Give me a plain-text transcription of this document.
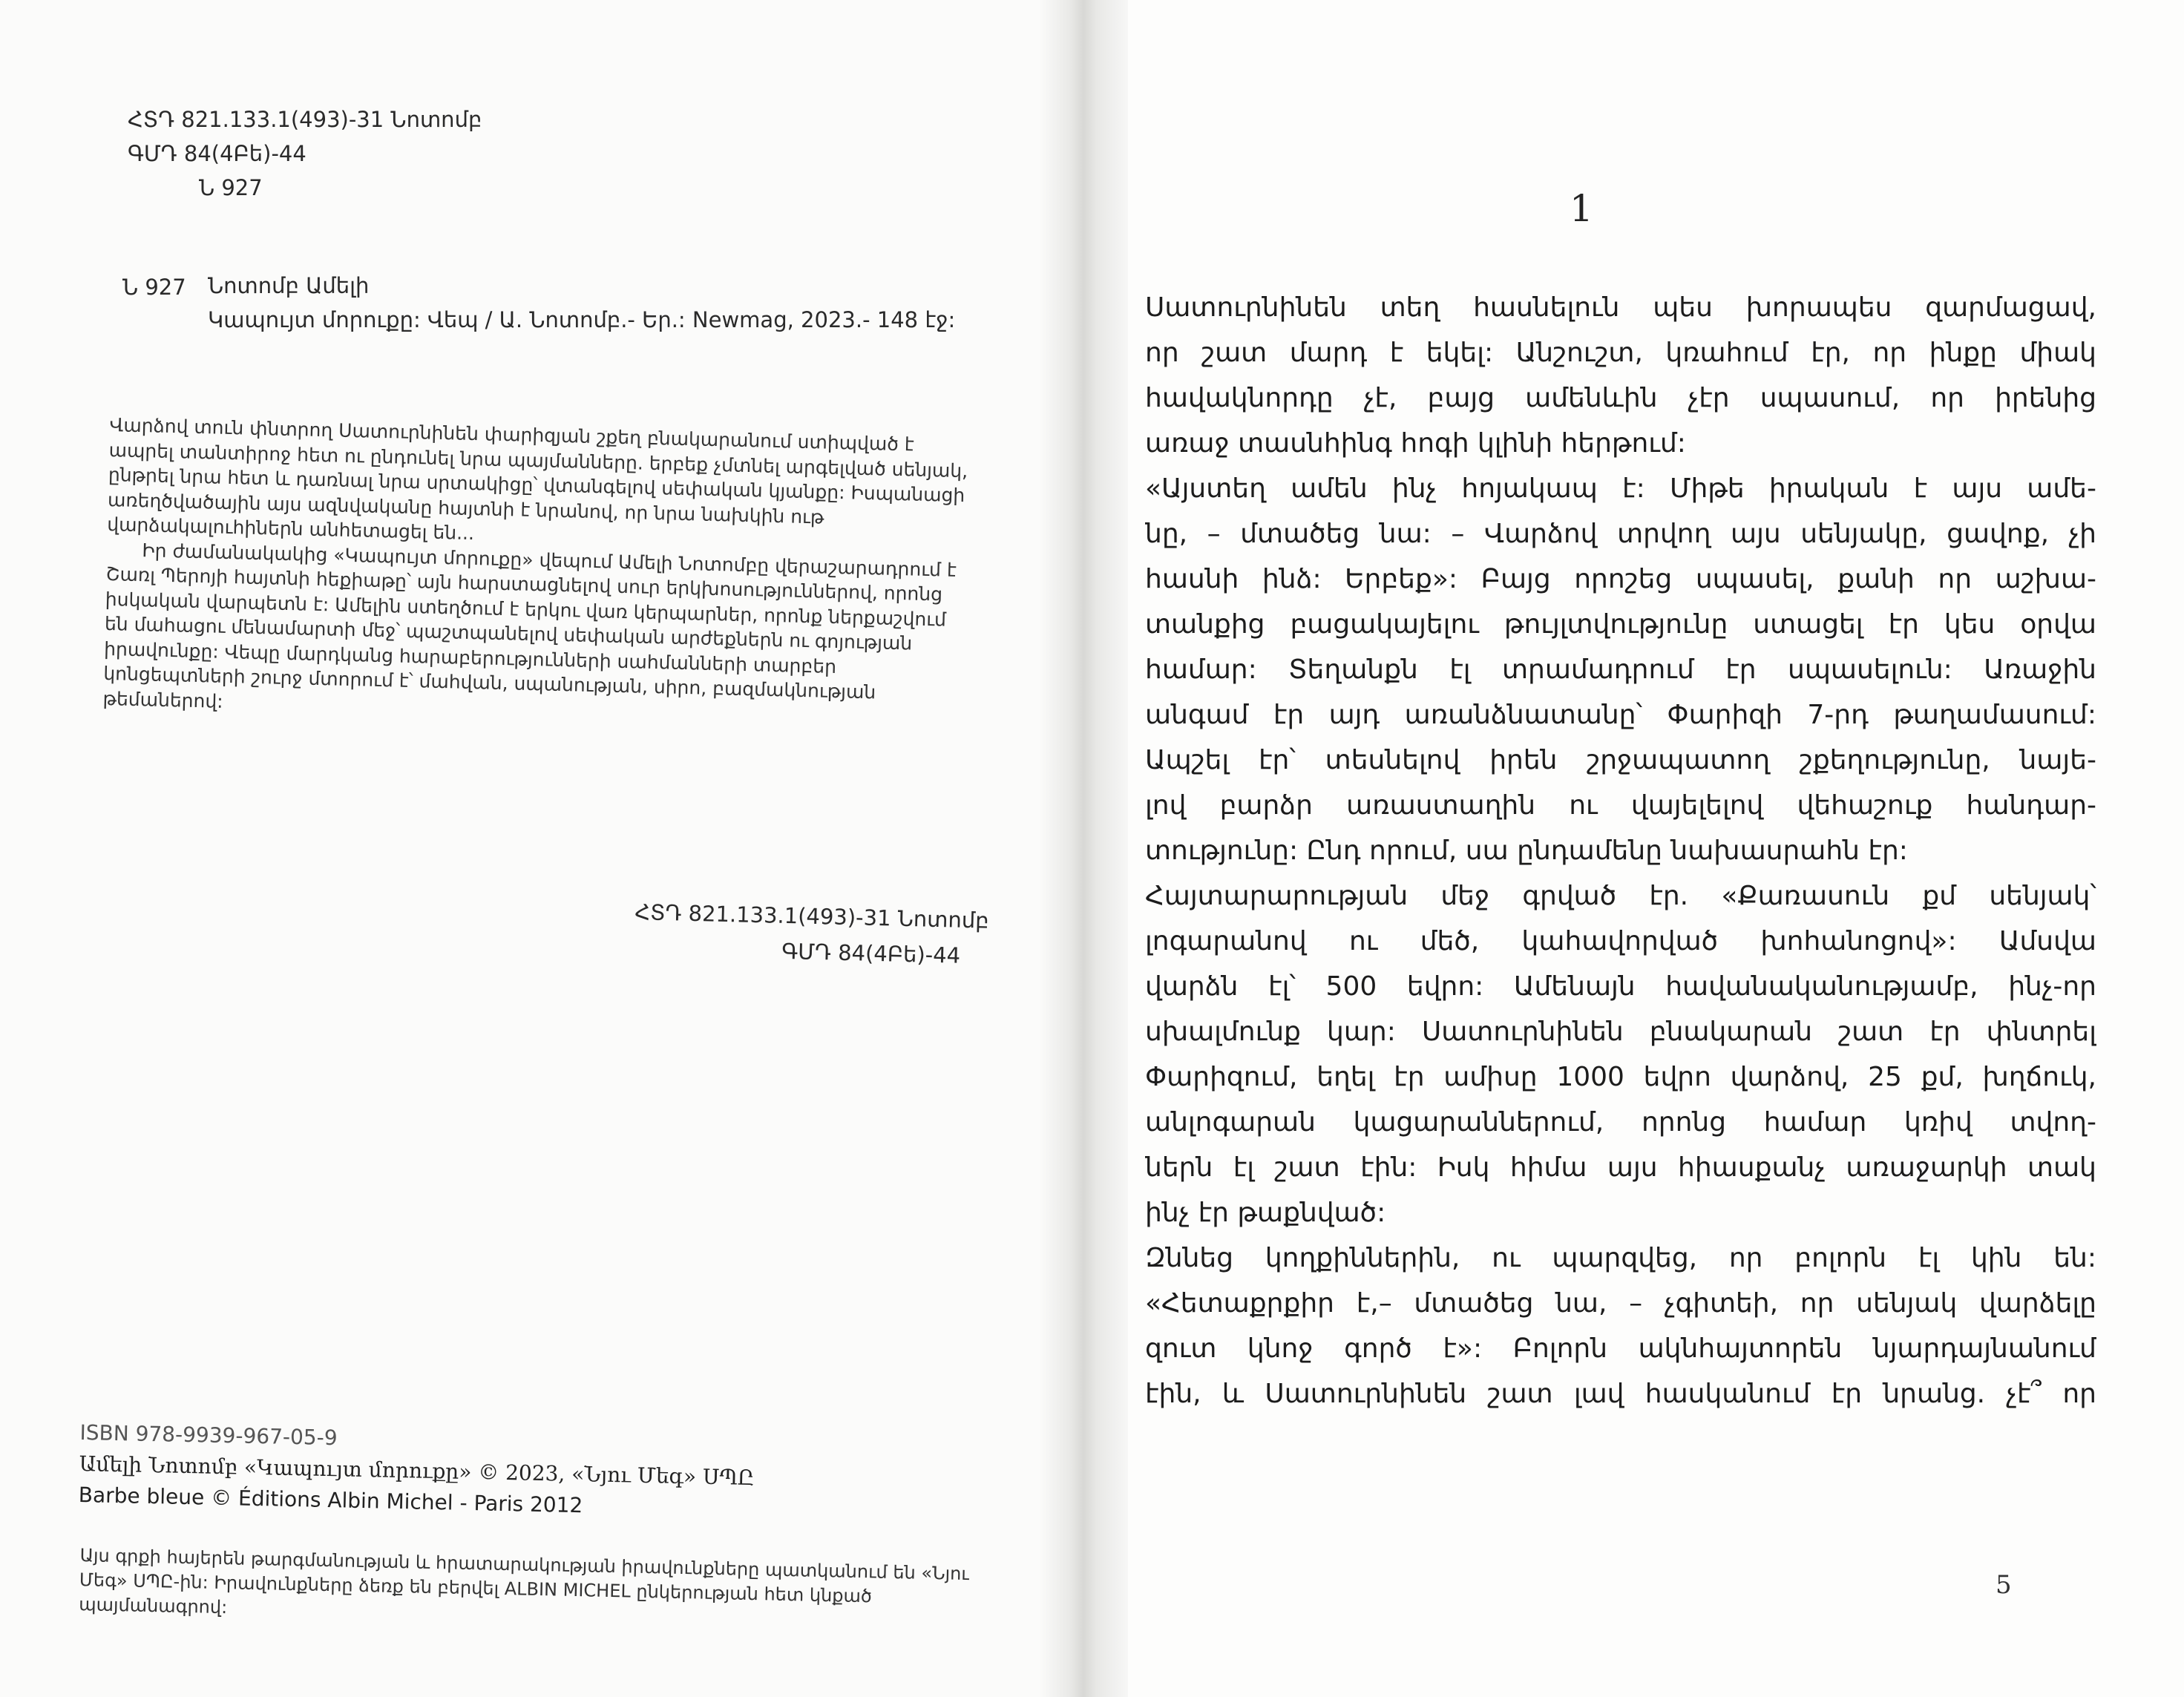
ՀՏԴ 821.133.1(493)-31 Նոտոմբ
ԳՄԴ 84(4Բե)-44
Ն 927
Ն 927 Նոտոմբ Ամելի
Կապույտ մորուքը: Վեպ / Ա. Նոտոմբ.- Եր.: Newmag, 2023.- 148 էջ:

Վարձով տուն փնտրող Սատուրնինեն փարիզյան շքեղ բնակարանում ստիպված է ապրել տանտիրոջ հետ ու ընդունել նրա պայմանները. երբեք չմտնել արգելված սենյակ, ընթրել նրա հետ և դառնալ նրա սրտակիցը՝ վտանգելով սեփական կյանքը: Իսպանացի առեղծվածային այս ազնվականը հայտնի է նրանով, որ նրա նախկին ութ վարձակալուհիներն անհետացել են...

Իր ժամանակակից «Կապույտ մորուքը» վեպում Ամելի Նոտոմբը վերաշարադրում է Շառլ Պերոյի հայտնի հեքիաթը՝ այն հարստացնելով սուր երկխոսություններով, որոնց իսկական վարպետն է: Ամելին ստեղծում է երկու վառ կերպարներ, որոնք ներքաշվում են մահացու մենամարտի մեջ՝ պաշտպանելով սեփական արժեքներն ու գոյության իրավունքը: Վեպը մարդկանց հարաբերությունների սահմանների տարբեր կոնցեպտների շուրջ մտորում է՝ մահվան, սպանության, սիրո, բազմակնության թեմաներով:

ՀՏԴ 821.133.1(493)-31 Նոտոմբ
ԳՄԴ 84(4Բե)-44
ISBN 978-9939-967-05-9
Ամելի Նոտոմբ «Կապույտ մորուքը» © 2023, «Նյու Մեգ» ՍՊԸ
Barbe bleue © Éditions Albin Michel - Paris 2012

Այս գրքի հայերեն թարգմանության և հրատարակության իրավունքները պատկանում են «Նյու Մեգ» ՍՊԸ-ին: Իրավունքները ձեռք են բերվել ALBIN MICHEL ընկերության հետ կնքած պայմանագրով:

1
Սատուրնինեն տեղ հասնելուն պես խորապես զարմացավ,
որ շատ մարդ է եկել: Անշուշտ, կռահում էր, որ ինքը միակ
հավակնորդը չէ, բայց ամենևին չէր սպասում, որ իրենից
առաջ տասնհինգ հոգի կլինի հերթում:
«Այստեղ ամեն ինչ հոյակապ է: Միթե իրական է այս ամե-
նը, – մտածեց նա: – Վարձով տրվող այս սենյակը, ցավոք, չի
հասնի ինձ: Երբեք»: Բայց որոշեց սպասել, քանի որ աշխա-
տանքից բացակայելու թույլտվությունը ստացել էր կես օրվա
համար: Տեղանքն էլ տրամադրում էր սպասելուն: Առաջին
անգամ էր այդ առանձնատանը՝ Փարիզի 7-րդ թաղամասում:
Ապշել էր՝ տեսնելով իրեն շրջապատող շքեղությունը, նայե-
լով բարձր առաստաղին ու վայելելով վեհաշուք հանդար-
տությունը: Ընդ որում, սա ընդամենը նախասրահն էր:
Հայտարարության մեջ գրված էր. «Քառասուն քմ սենյակ՝
լոգարանով ու մեծ, կահավորված խոհանոցով»: Ամսվա
վարձն էլ՝ 500 եվրո: Ամենայն հավանականությամբ, ինչ-որ
սխալմունք կար: Սատուրնինեն բնակարան շատ էր փնտրել
Փարիզում, եղել էր ամիսը 1000 եվրո վարձով, 25 քմ, խղճուկ,
անլոգարան կացարաններում, որոնց համար կռիվ տվող-
ներն էլ շատ էին: Իսկ հիմա այս հիասքանչ առաջարկի տակ
ինչ էր թաքնված:
Զննեց կողքիններին, ու պարզվեց, որ բոլորն էլ կին են:
«Հետաքրքիր է,– մտածեց նա, – չգիտեի, որ սենյակ վարձելը
զուտ կնոջ գործ է»: Բոլորն ակնհայտորեն նյարդայնանում
էին, և Սատուրնինեն շատ լավ հասկանում էր նրանց. չէ՞ որ
5
